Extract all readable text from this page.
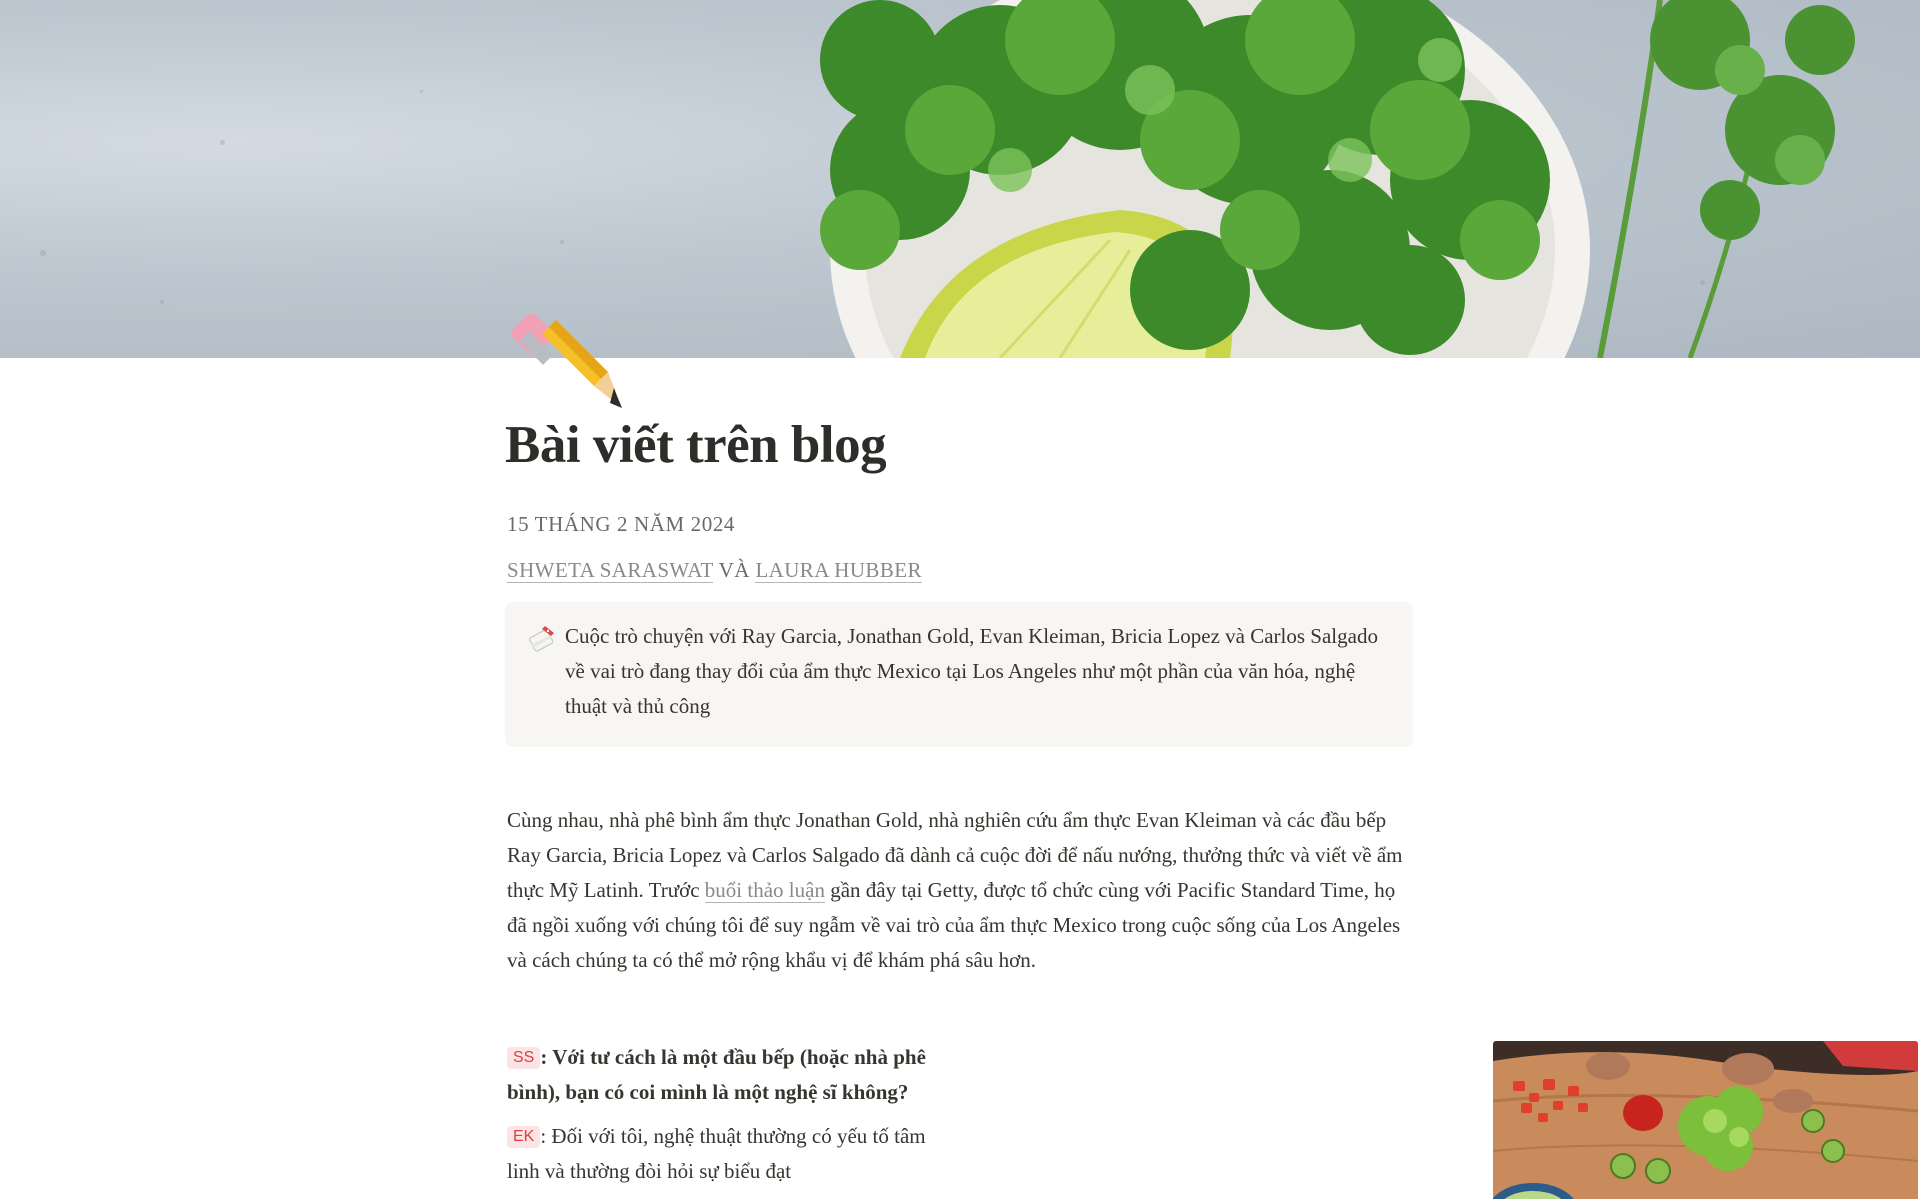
Bài viết trên blog
15 THÁNG 2 NĂM 2024
SHWETA SARASWAT VÀ LAURA HUBBER

Cuộc trò chuyện với Ray Garcia, Jonathan Gold, Evan Kleiman, Bricia Lopez và Carlos Salgado về vai trò đang thay đổi của ẩm thực Mexico tại Los Angeles như một phần của văn hóa, nghệ thuật và thủ công

Cùng nhau, nhà phê bình ẩm thực Jonathan Gold, nhà nghiên cứu ẩm thực Evan Kleiman và các đầu bếp Ray Garcia, Bricia Lopez và Carlos Salgado đã dành cả cuộc đời để nấu nướng, thưởng thức và viết về ẩm thực Mỹ Latinh. Trước buổi thảo luận gần đây tại Getty, được tổ chức cùng với Pacific Standard Time, họ đã ngồi xuống với chúng tôi để suy ngẫm về vai trò của ẩm thực Mexico trong cuộc sống của Los Angeles và cách chúng ta có thể mở rộng khẩu vị để khám phá sâu hơn.

SS : Với tư cách là một đầu bếp (hoặc nhà phê bình), bạn có coi mình là một nghệ sĩ không?

EK : Đối với tôi, nghệ thuật thường có yếu tố tâm linh và thường đòi hỏi sự biểu đạt
